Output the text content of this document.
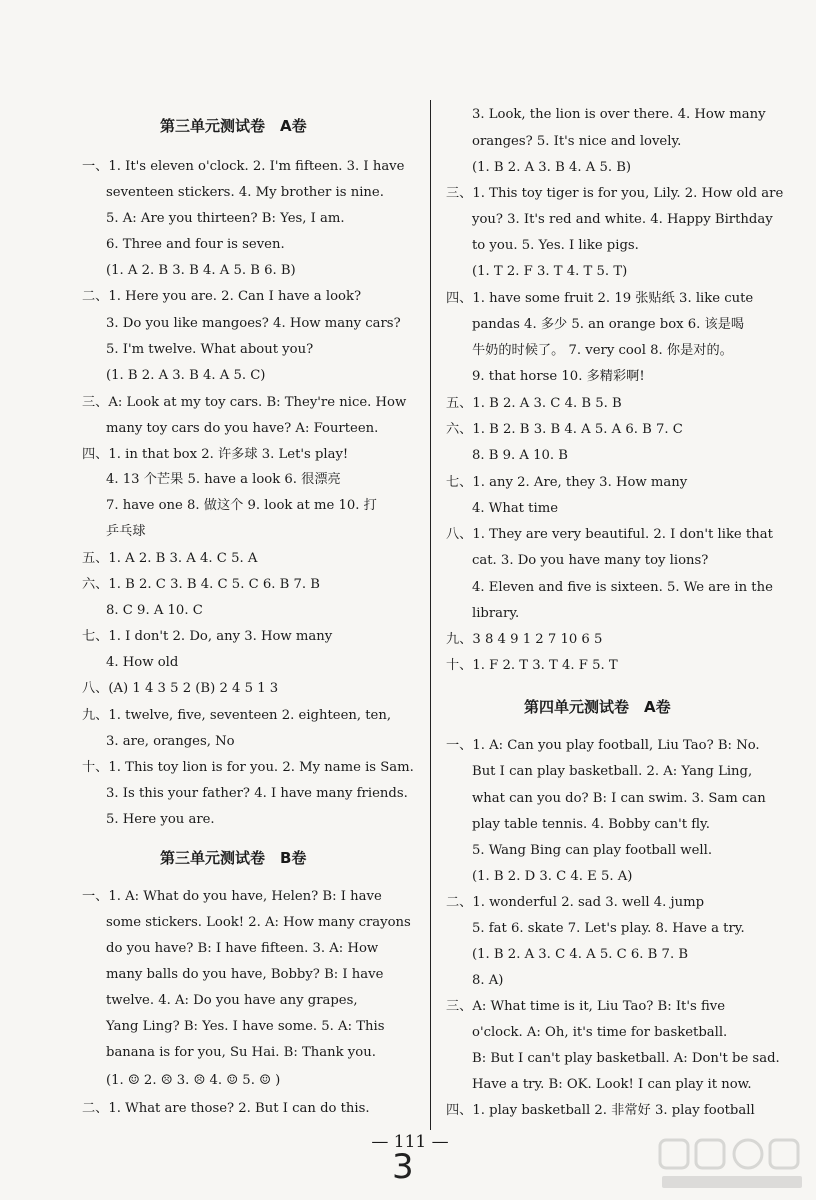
第三单元测试卷　A卷
一、1. It's eleven o'clock. 2. I'm fifteen. 3. I have
seventeen stickers. 4. My brother is nine.
5. A: Are you thirteen? B: Yes, I am.
6. Three and four is seven.
(1. A 2. B 3. B 4. A 5. B 6. B)
二、1. Here you are. 2. Can I have a look?
3. Do you like mangoes? 4. How many cars?
5. I'm twelve. What about you?
(1. B 2. A 3. B 4. A 5. C)
三、A: Look at my toy cars. B: They're nice. How
many toy cars do you have? A: Fourteen.
四、1. in that box 2. 许多球 3. Let's play!
4. 13 个芒果 5. have a look 6. 很漂亮
7. have one 8. 做这个 9. look at me 10. 打
乒乓球
五、1. A 2. B 3. A 4. C 5. A
六、1. B 2. C 3. B 4. C 5. C 6. B 7. B
8. C 9. A 10. C
七、1. I don't 2. Do, any 3. How many
4. How old
八、(A) 1 4 3 5 2 (B) 2 4 5 1 3
九、1. twelve, five, seventeen 2. eighteen, ten,
3. are, oranges, No
十、1. This toy lion is for you. 2. My name is Sam.
3. Is this your father? 4. I have many friends.
5. Here you are.
第三单元测试卷　B卷
一、1. A: What do you have, Helen? B: I have
some stickers. Look! 2. A: How many crayons
do you have? B: I have fifteen. 3. A: How
many balls do you have, Bobby? B: I have
twelve. 4. A: Do you have any grapes,
Yang Ling? B: Yes. I have some. 5. A: This
banana is for you, Su Hai. B: Thank you.
(1. ☺ 2. ☹ 3. ☹ 4. ☺ 5. ☺ )
二、1. What are those? 2. But I can do this.
3. Look, the lion is over there. 4. How many
oranges? 5. It's nice and lovely.
(1. B 2. A 3. B 4. A 5. B)
三、1. This toy tiger is for you, Lily. 2. How old are
you? 3. It's red and white. 4. Happy Birthday
to you. 5. Yes. I like pigs.
(1. T 2. F 3. T 4. T 5. T)
四、1. have some fruit 2. 19 张贴纸 3. like cute
pandas 4. 多少 5. an orange box 6. 该是喝
牛奶的时候了。 7. very cool 8. 你是对的。
9. that horse 10. 多精彩啊!
五、1. B 2. A 3. C 4. B 5. B
六、1. B 2. B 3. B 4. A 5. A 6. B 7. C
8. B 9. A 10. B
七、1. any 2. Are, they 3. How many
4. What time
八、1. They are very beautiful. 2. I don't like that
cat. 3. Do you have many toy lions?
4. Eleven and five is sixteen. 5. We are in the
library.
九、3 8 4 9 1 2 7 10 6 5
十、1. F 2. T 3. T 4. F 5. T
第四单元测试卷　A卷
一、1. A: Can you play football, Liu Tao? B: No.
But I can play basketball. 2. A: Yang Ling,
what can you do? B: I can swim. 3. Sam can
play table tennis. 4. Bobby can't fly.
5. Wang Bing can play football well.
(1. B 2. D 3. C 4. E 5. A)
二、1. wonderful 2. sad 3. well 4. jump
5. fat 6. skate 7. Let's play. 8. Have a try.
(1. B 2. A 3. C 4. A 5. C 6. B 7. B
8. A)
三、A: What time is it, Liu Tao? B: It's five
o'clock. A: Oh, it's time for basketball.
B: But I can't play basketball. A: Don't be sad.
Have a try. B: OK. Look! I can play it now.
四、1. play basketball 2. 非常好 3. play football
— 111 —
3
